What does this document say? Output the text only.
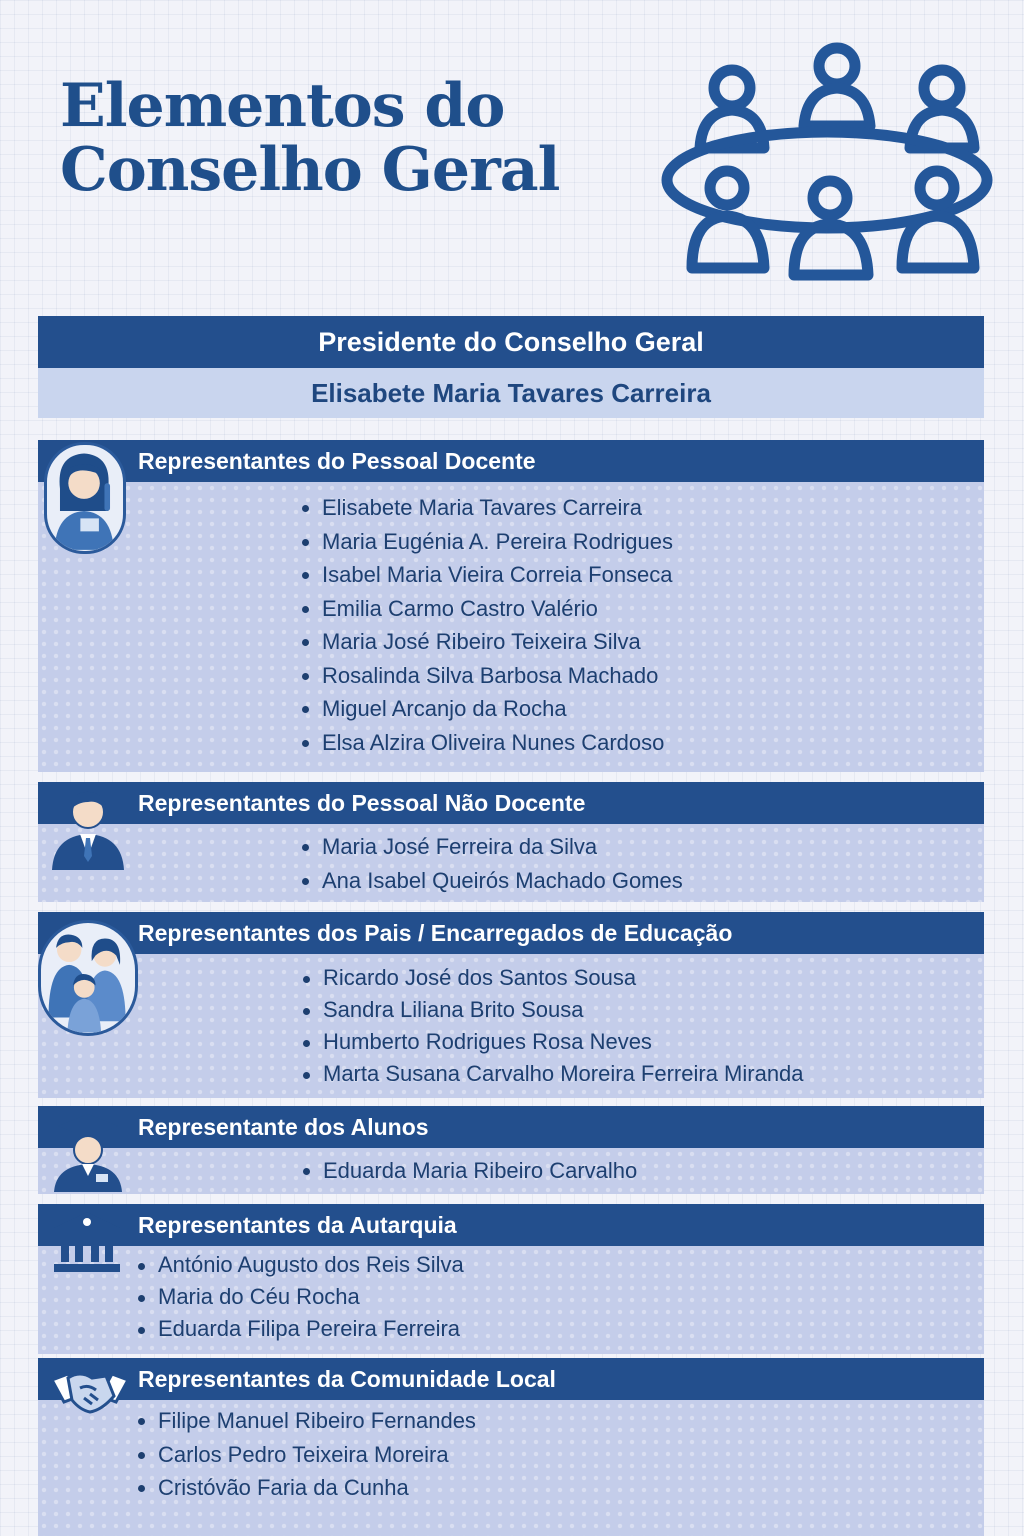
Elementos do
Conselho Geral
Presidente do Conselho Geral
Elisabete Maria Tavares Carreira
Representantes do Pessoal Docente
Elisabete Maria Tavares Carreira
Maria Eugénia A. Pereira Rodrigues
Isabel Maria Vieira Correia Fonseca
Emilia Carmo Castro Valério
Maria José Ribeiro Teixeira Silva
Rosalinda Silva Barbosa Machado
Miguel Arcanjo da Rocha
Elsa Alzira Oliveira Nunes Cardoso
Representantes do Pessoal Não Docente
Maria José Ferreira da Silva
Ana Isabel Queirós Machado Gomes
Representantes dos Pais / Encarregados de Educação
Ricardo José dos Santos Sousa
Sandra Liliana Brito Sousa
Humberto Rodrigues Rosa Neves
Marta Susana Carvalho Moreira Ferreira Miranda
Representante dos Alunos
Eduarda Maria Ribeiro Carvalho
Representantes da Autarquia
António Augusto dos Reis Silva
Maria do Céu Rocha
Eduarda Filipa Pereira Ferreira
Representantes da Comunidade Local
Filipe Manuel Ribeiro Fernandes
Carlos Pedro Teixeira Moreira
Cristóvão Faria da Cunha
